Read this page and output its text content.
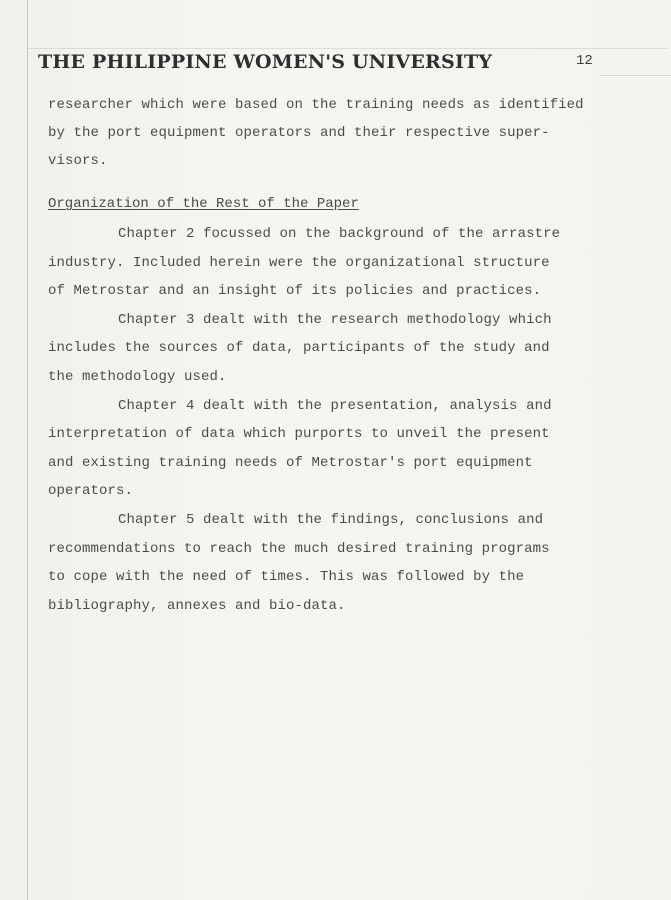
THE PHILIPPINE WOMEN'S UNIVERSITY	12
researcher which were based on the training needs as identified
by the port equipment operators and their respective super-
visors.
Organization of the Rest of the Paper
Chapter 2 focussed on the background of the arrastre
industry. Included herein were the organizational structure
of Metrostar and an insight of its policies and practices.
Chapter 3 dealt with the research methodology which
includes the sources of data, participants of the study and
the methodology used.
Chapter 4 dealt with the presentation, analysis and
interpretation of data which purports to unveil the present
and existing training needs of Metrostar's port equipment
operators.
Chapter 5 dealt with the findings, conclusions and
recommendations to reach the much desired training programs
to cope with the need of times. This was followed by the
bibliography, annexes and bio-data.
